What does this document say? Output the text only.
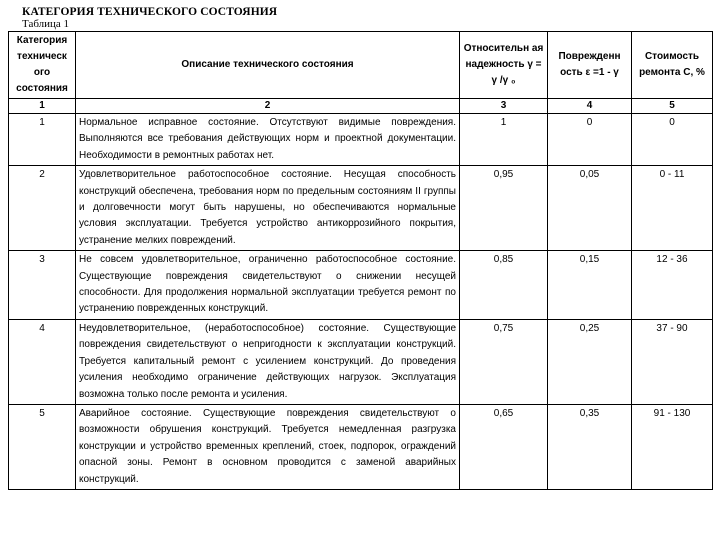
КАТЕГОРИЯ ТЕХНИЧЕСКОГО СОСТОЯНИЯ
Таблица 1
Категория техническ ого состояния	Описание технического состояния	Относительн ая надежность γ = γ /γ ₀	Поврежденн ость ε =1 - γ	Стоимость ремонта С, %
1	2	3	4	5
1	Нормальное исправное состояние. Отсутствуют видимые повреждения. Выполняются все требования действующих норм и проектной документации. Необходимости в ремонтных работах нет.	1	0	0
2	Удовлетворительное работоспособное состояние. Несущая способность конструкций обеспечена, требования норм по предельным состояниям II группы и долговечности могут быть нарушены, но обеспечиваются нормальные условия эксплуатации. Требуется устройство антикоррозийного покрытия, устранение мелких повреждений.	0,95	0,05	0 - 11
3	Не совсем удовлетворительное, ограниченно работоспособное состояние. Существующие повреждения свидетельствуют о снижении несущей способности. Для продолжения нормальной эксплуатации требуется ремонт по устранению поврежденных конструкций.	0,85	0,15	12 - 36
4	Неудовлетворительное, (неработоспособное) состояние. Существующие повреждения свидетельствуют о непригодности к эксплуатации конструкций. Требуется капитальный ремонт с усилением конструкций. До проведения усиления необходимо ограничение действующих нагрузок. Эксплуатация возможна только после ремонта и усиления.	0,75	0,25	37 - 90
5	Аварийное состояние. Существующие повреждения свидетельствуют о возможности обрушения конструкций. Требуется немедленная разгрузка конструкции и устройство временных креплений, стоек, подпорок, ограждений опасной зоны. Ремонт в основном проводится с заменой аварийных конструкций.	0,65	0,35	91 - 130
